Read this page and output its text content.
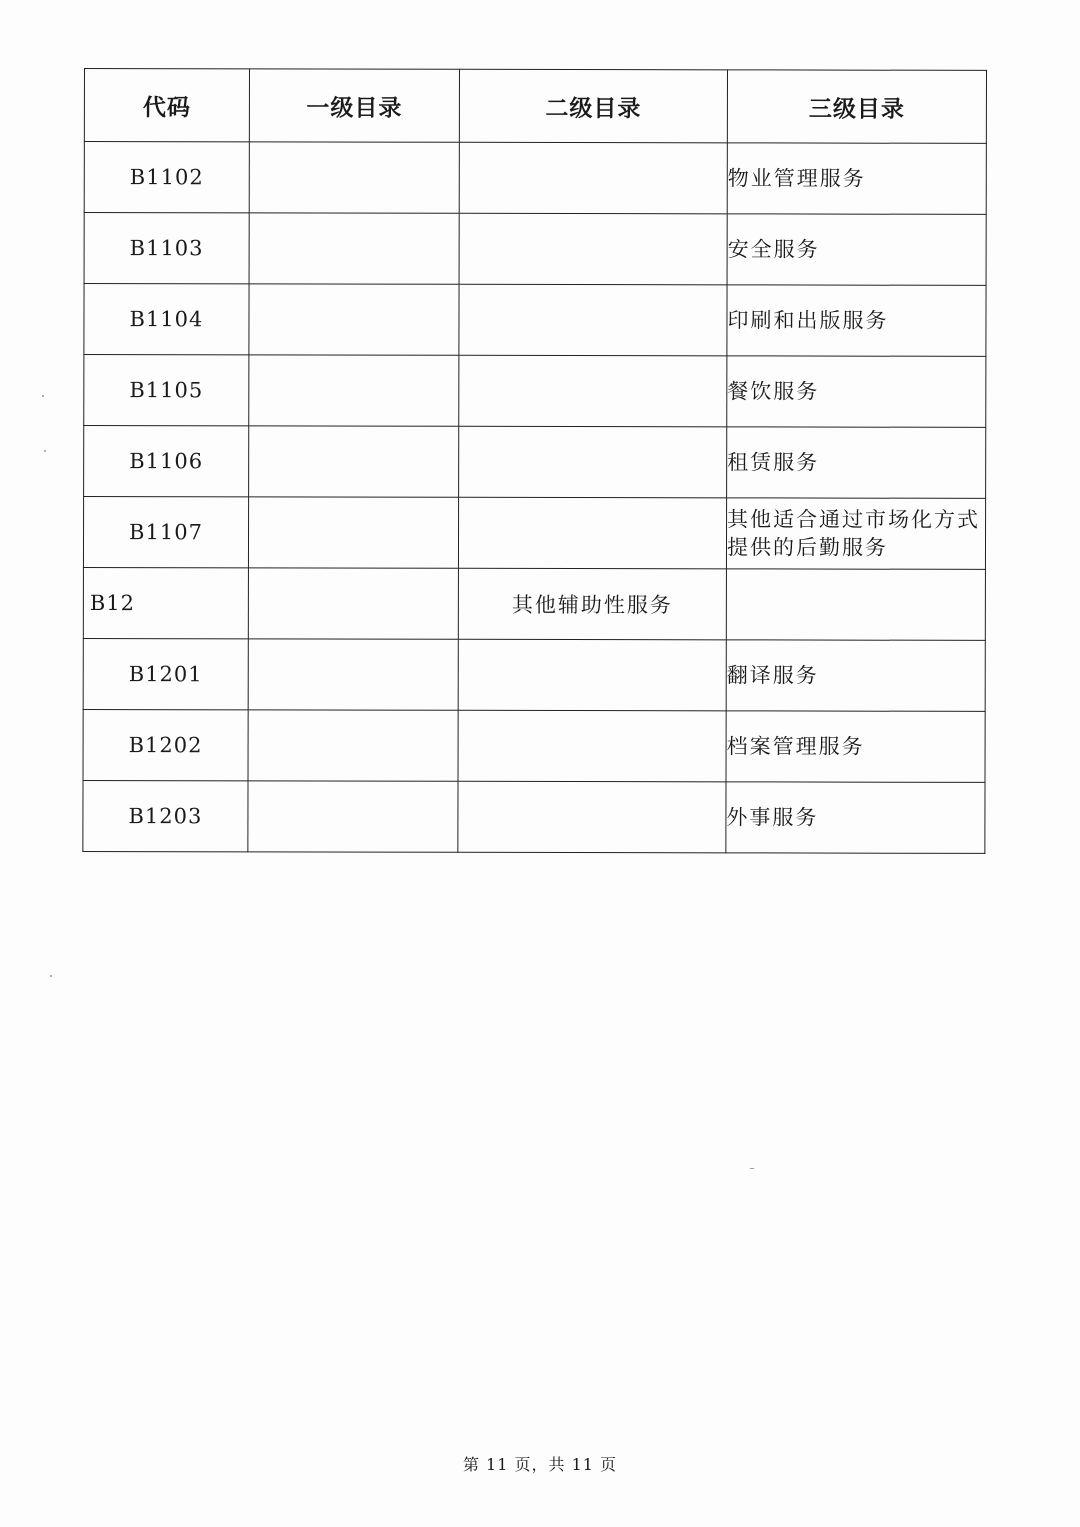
代码	一级目录	二级目录	三级目录
B1102			物业管理服务
B1103			安全服务
B1104			印刷和出版服务
B1105			餐饮服务
B1106			租赁服务
B1107			其他适合通过市场化方式提供的后勤服务
B12		其他辅助性服务	
B1201			翻译服务
B1202			档案管理服务
B1203			外事服务
第 11 页，共 11 页
